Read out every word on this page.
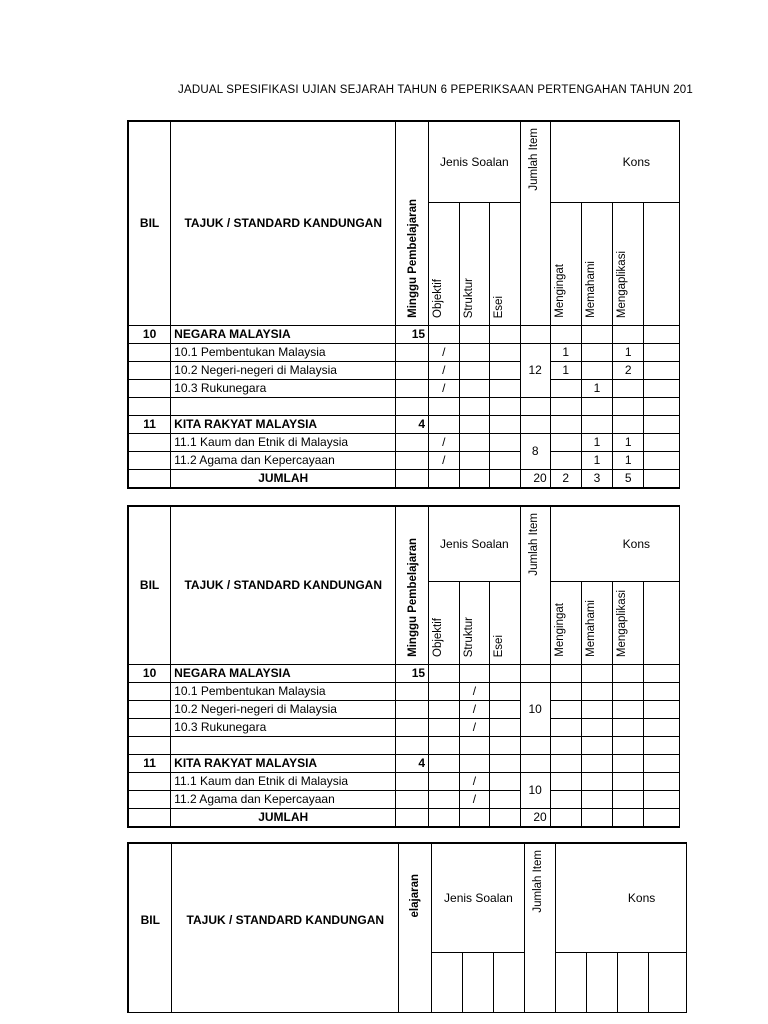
JADUAL SPESIFIKASI UJIAN SEJARAH TAHUN 6 PEPERIKSAAN PERTENGAHAN TAHUN 201
BIL	TAJUK / STANDARD KANDUNGAN	Minggu Pembelajaran	Jenis Soalan			Jumlah Item	Kons			
			Objektif	Struktur	Esei		Mengingat	Memahami	Mengaplikasi	
10	NEGARA MALAYSIA	15								
	10.1 Pembentukan Malaysia		/			12	1		1	
	10.2 Negeri-negeri di Malaysia		/				1		2	
	10.3 Rukunegara		/					1		

11	KITA RAKYAT MALAYSIA	4								
	11.1 Kaum dan Etnik di Malaysia		/			8		1	1	
	11.2 Agama dan Kepercayaan		/					1	1	
	JUMLAH					20	2	3	5	
BIL	TAJUK / STANDARD KANDUNGAN	Minggu Pembelajaran	Jenis Soalan			Jumlah Item	Kons			
			Objektif	Struktur	Esei		Mengingat	Memahami	Mengaplikasi	
10	NEGARA MALAYSIA	15								
	10.1 Pembentukan Malaysia			/		10				
	10.2 Negeri-negeri di Malaysia			/						
	10.3 Rukunegara			/						

11	KITA RAKYAT MALAYSIA	4								
	11.1 Kaum dan Etnik di Malaysia			/		10				
	11.2 Agama dan Kepercayaan			/						
	JUMLAH					20				
BIL	TAJUK / STANDARD KANDUNGAN	elajaran	Jenis Soalan			Jumlah Item	Kons			
